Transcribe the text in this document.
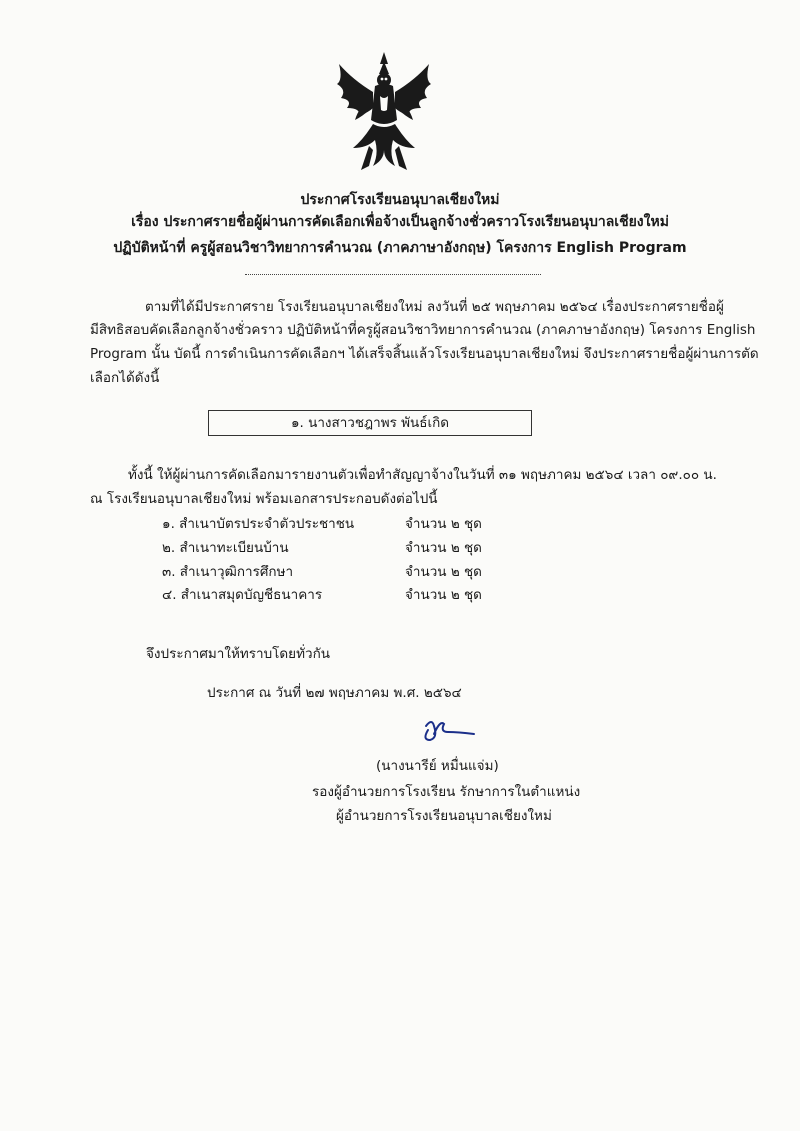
ประกาศโรงเรียนอนุบาลเชียงใหม่
เรื่อง ประกาศรายชื่อผู้ผ่านการคัดเลือกเพื่อจ้างเป็นลูกจ้างชั่วคราวโรงเรียนอนุบาลเชียงใหม่
ปฏิบัติหน้าที่ ครูผู้สอนวิชาวิทยาการคำนวณ (ภาคภาษาอังกฤษ) โครงการ English Program
ตามที่ได้มีประกาศราย โรงเรียนอนุบาลเชียงใหม่ ลงวันที่ ๒๕ พฤษภาคม ๒๕๖๔ เรื่องประกาศรายชื่อผู้
มีสิทธิสอบคัดเลือกลูกจ้างชั่วคราว ปฏิบัติหน้าที่ครูผู้สอนวิชาวิทยาการคำนวณ (ภาคภาษาอังกฤษ) โครงการ English
Program นั้น บัดนี้ การดำเนินการคัดเลือกฯ ได้เสร็จสิ้นแล้วโรงเรียนอนุบาลเชียงใหม่ จึงประกาศรายชื่อผู้ผ่านการตัด
เลือกได้ดังนี้
๑. นางสาวชฎาพร พันธ์เกิด
ทั้งนี้ ให้ผู้ผ่านการคัดเลือกมารายงานตัวเพื่อทำสัญญาจ้างในวันที่ ๓๑ พฤษภาคม ๒๕๖๔ เวลา ๐๙.๐๐ น.
ณ โรงเรียนอนุบาลเชียงใหม่ พร้อมเอกสารประกอบดังต่อไปนี้
๑. สำเนาบัตรประจำตัวประชาชน	จำนวน ๒ ชุด
๒. สำเนาทะเบียนบ้าน	จำนวน ๒ ชุด
๓. สำเนาวุฒิการศึกษา	จำนวน ๒ ชุด
๔. สำเนาสมุดบัญชีธนาคาร	จำนวน ๒ ชุด
จึงประกาศมาให้ทราบโดยทั่วกัน
ประกาศ ณ วันที่ ๒๗ พฤษภาคม พ.ศ. ๒๕๖๔
(นางนารีย์ หมื่นแจ่ม)
รองผู้อำนวยการโรงเรียน รักษาการในตำแหน่ง
ผู้อำนวยการโรงเรียนอนุบาลเชียงใหม่
